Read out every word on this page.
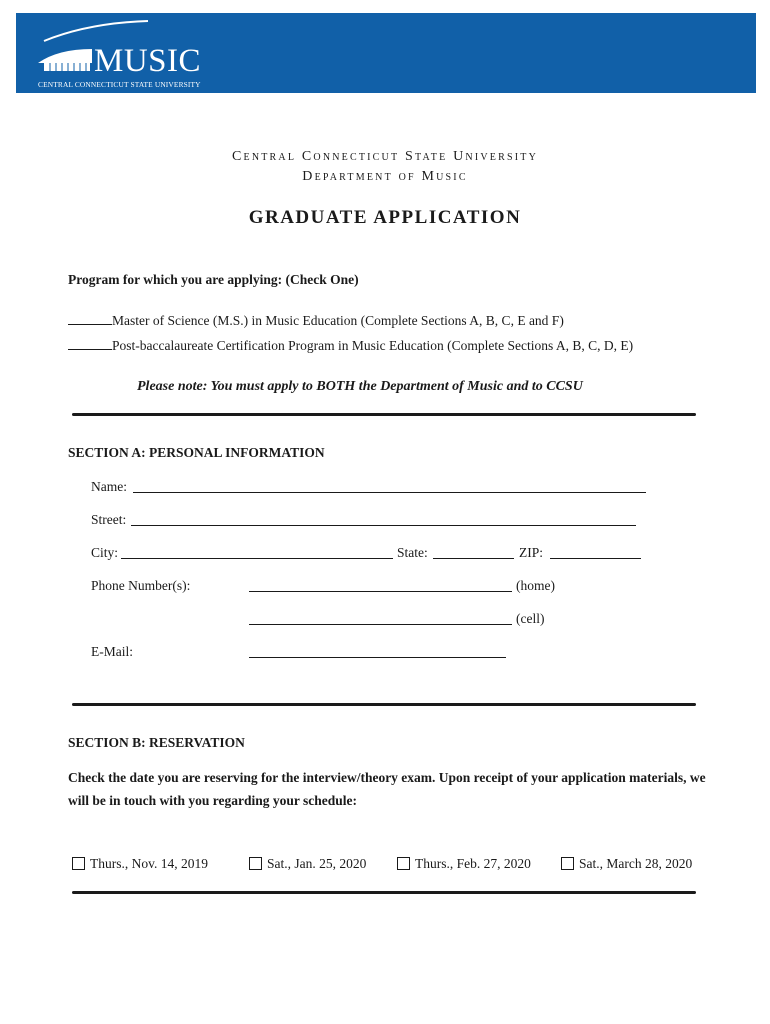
MUSIC
CENTRAL CONNECTICUT STATE UNIVERSITY
Central Connecticut State University
Department of Music
GRADUATE APPLICATION
Program for which you are applying: (Check One)
Master of Science (M.S.) in Music Education (Complete Sections A, B, C, E and F)
Post-baccalaureate Certification Program in Music Education (Complete Sections A, B, C, D, E)
Please note: You must apply to BOTH the Department of Music and to CCSU
SECTION A: PERSONAL INFORMATION
Name:
Street:
City:	State:	ZIP:
Phone Number(s):	(home)
(cell)
E-Mail:
SECTION B: RESERVATION
Check the date you are reserving for the interview/theory exam. Upon receipt of your application materials, we will be in touch with you regarding your schedule:
Thurs., Nov. 14, 2019	Sat., Jan. 25, 2020	Thurs., Feb. 27, 2020	Sat., March 28, 2020
